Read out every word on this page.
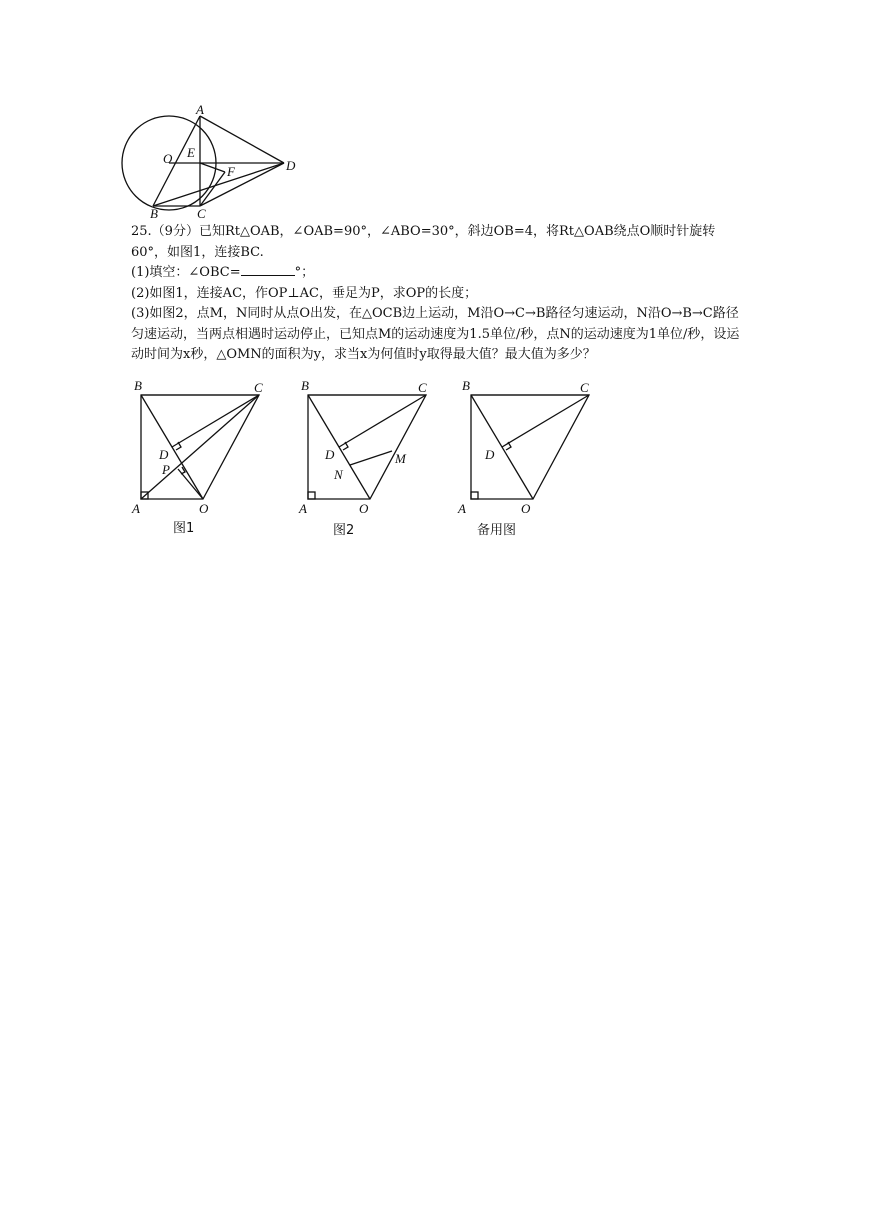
A
O E
F	D
B	C

25.（9分）已知Rt△OAB，∠OAB=90°，∠ABO=30°，斜边OB=4，将Rt△OAB绕点O顺时针旋转60°，如图1，连接BC.

(1)填空：∠OBC=	°；

(2)如图1，连接AC，作OP⊥AC，垂足为P，求OP的长度；

(3)如图2，点M，N同时从点O出发，在△OCB边上运动，M沿O→C→B路径匀速运动，N沿O→B→C路径匀速运动，当两点相遇时运动停止，已知点M的运动速度为1.5单位/秒，点N的运动速度为1单位/秒，设运动时间为x秒，△OMN的面积为y，求当x为何值时y取得最大值？最大值为多少？

B	C
D
P
A	O
图1
B	C
D	M
N
A	O
图2
B	C
D
A	O
备用图
